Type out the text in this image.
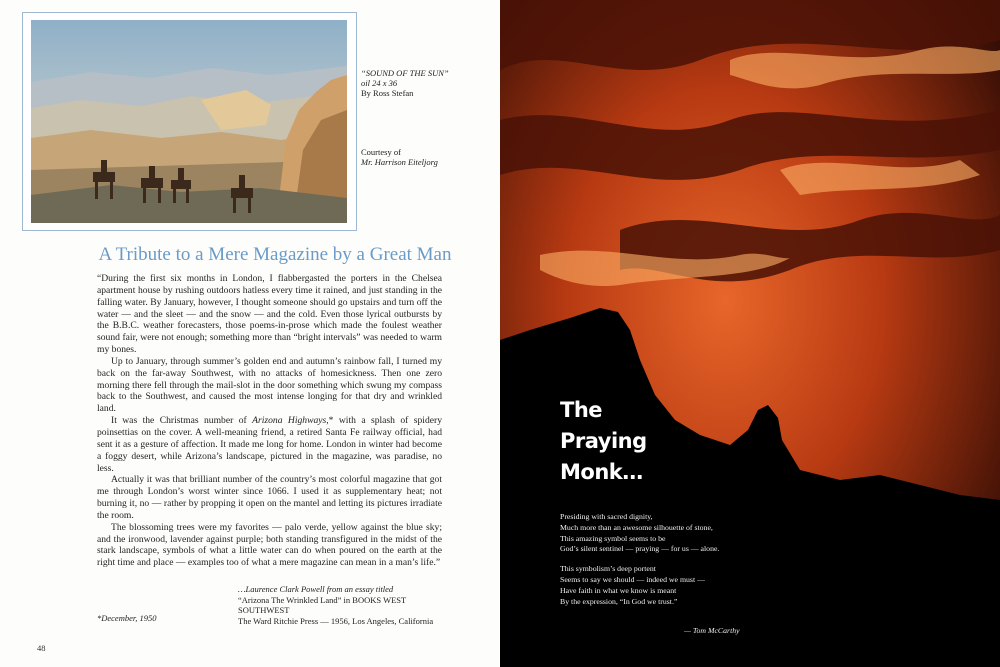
“SOUND OF THE SUN”
oil 24 x 36
By Ross Stefan
Courtesy of
Mr. Harrison Eiteljorg
A Tribute to a Mere Magazine by a Great Man

“During the first six months in London, I flabbergasted the porters in the Chelsea apartment house by rushing outdoors hatless every time it rained, and just standing in the falling water. By January, however, I thought someone should go upstairs and turn off the water — and the sleet — and the snow — and the cold. Even those lyrical outbursts by the B.B.C. weather forecasters, those poems-in-prose which made the foulest weather sound fair, were not enough; something more than “bright intervals” was needed to warm my bones.

Up to January, through summer’s golden end and autumn’s rainbow fall, I turned my back on the far-away Southwest, with no attacks of homesickness. Then one zero morning there fell through the mail-slot in the door something which swung my compass back to the Southwest, and caused the most intense longing for that dry and wrinkled land.

It was the Christmas number of Arizona Highways,* with a splash of spidery poinsettias on the cover. A well-meaning friend, a retired Santa Fe railway official, had sent it as a gesture of affection. It made me long for home. London in winter had become a foggy desert, while Arizona’s landscape, pictured in the magazine, was paradise, no less.

Actually it was that brilliant number of the country’s most colorful magazine that got me through London’s worst winter since 1066. I used it as supplementary heat; not burning it, no — rather by propping it open on the mantel and letting its pictures irradiate the room.

The blossoming trees were my favorites — palo verde, yellow against the blue sky; and the ironwood, lavender against purple; both standing transfigured in the midst of the stark landscape, symbols of what a little water can do when poured on the earth at the right time and place — examples too of what a mere magazine can mean in a man’s life.”

…Laurence Clark Powell from an essay titled
“Arizona The Wrinkled Land” in BOOKS WEST SOUTHWEST
The Ward Ritchie Press — 1956, Los Angeles, California
*December, 1950
48
The
Praying
Monk…

Presiding with sacred dignity,

Much more than an awesome silhouette of stone,

This amazing symbol seems to be

God’s silent sentinel — praying — for us — alone.

This symbolism’s deep portent

Seems to say we should — indeed we must —

Have faith in what we know is meant

By the expression, “In God we trust.”

— Tom McCarthy
